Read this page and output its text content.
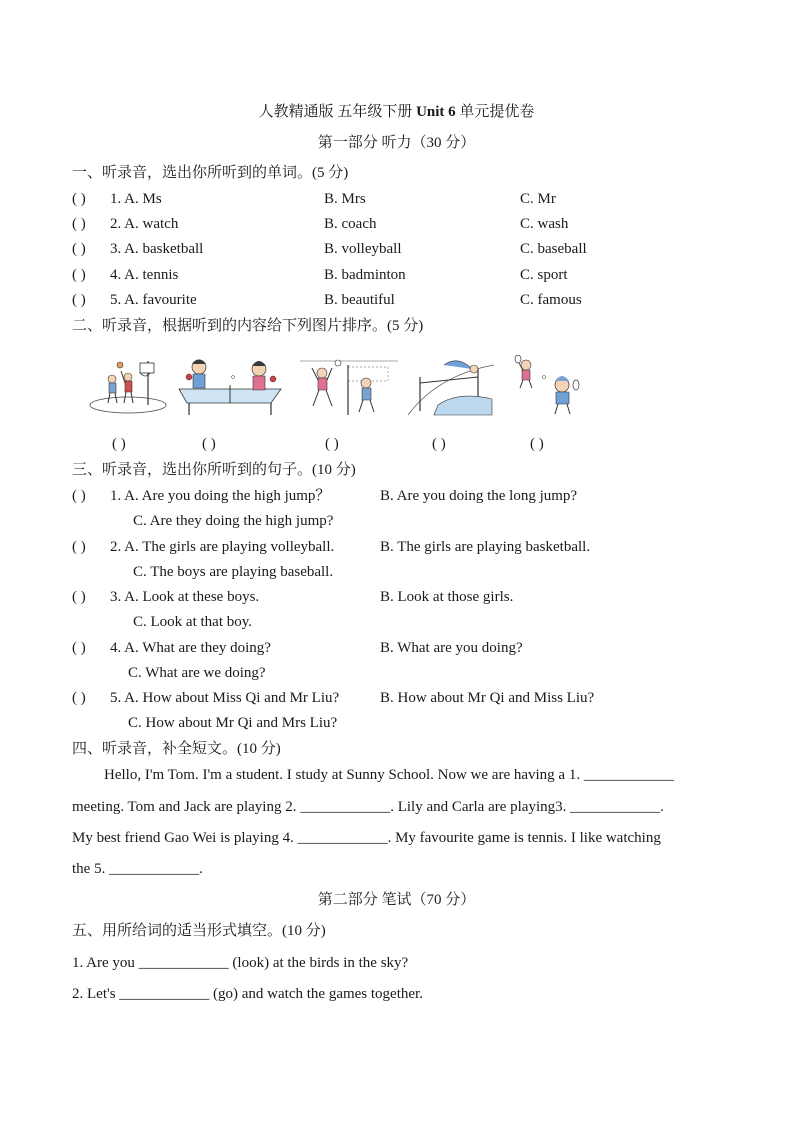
人教精通版 五年级下册 Unit 6 单元提优卷
第一部分 听力（30 分）
一、听录音，选出你所听到的单词。(5 分)
( ) 1. A. Ms	B. Mrs	C. Mr
( ) 2. A. watch	B. coach	C. wash
( ) 3. A. basketball	B. volleyball	C. baseball
( ) 4. A. tennis	B. badminton	C. sport
( ) 5. A. favourite	B. beautiful	C. famous
二、听录音，根据听到的内容给下列图片排序。(5 分)
( )	( )	( )	( )	( )
三、听录音，选出你所听到的句子。(10 分)
( ) 1. A. Are you doing the high jump？	B. Are you doing the long jump?
C. Are they doing the high jump?
( ) 2. A. The girls are playing volleyball.	B. The girls are playing basketball.
C. The boys are playing baseball.
( ) 3. A. Look at these boys.	B. Look at those girls.
C. Look at that boy.
( ) 4. A. What are they doing?	B. What are you doing?
C. What are we doing?
( ) 5. A. How about Miss Qi and Mr Liu?	B. How about Mr Qi and Miss Liu?
C. How about Mr Qi and Mrs Liu?
四、听录音，补全短文。(10 分)
Hello, I'm Tom. I'm a student. I study at Sunny School. Now we are having a 1. ____________
meeting. Tom and Jack are playing 2. ____________. Lily and Carla are playing3. ____________.
My best friend Gao Wei is playing 4. ____________. My favourite game is tennis. I like watching
the 5. ____________.
第二部分 笔试（70 分）
五、用所给词的适当形式填空。(10 分)
1. Are you ____________ (look) at the birds in the sky?
2. Let's ____________ (go) and watch the games together.
